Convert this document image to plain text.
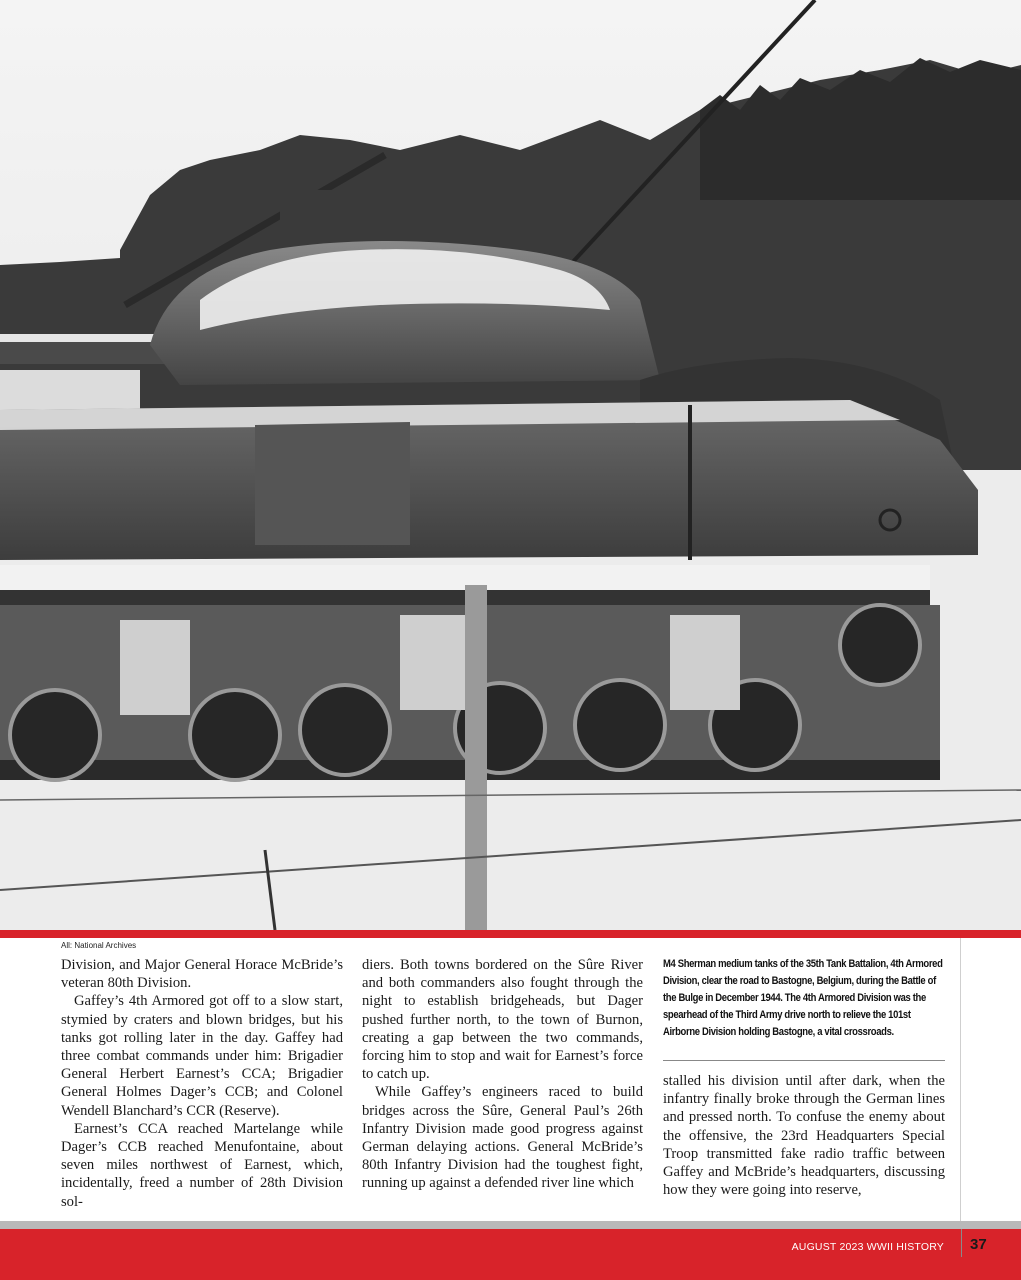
All: National Archives

Division, and Major General Horace McBride’s veteran 80th Division.

Gaffey’s 4th Armored got off to a slow start, stymied by craters and blown bridges, but his tanks got rolling later in the day. Gaffey had three combat commands under him: Brigadier General Herbert Earnest’s CCA; Brigadier General Holmes Dager’s CCB; and Colonel Wendell Blanchard’s CCR (Reserve).

Earnest’s CCA reached Martelange while Dager’s CCB reached Menufontaine, about seven miles northwest of Earnest, which, incidentally, freed a number of 28th Division sol-

diers. Both towns bordered on the Sûre River and both commanders also fought through the night to establish bridgeheads, but Dager pushed further north, to the town of Burnon, creating a gap between the two commands, forcing him to stop and wait for Earnest’s force to catch up.

While Gaffey’s engineers raced to build bridges across the Sûre, General Paul’s 26th Infantry Division made good progress against German delaying actions. General McBride’s 80th Infantry Division had the toughest fight, running up against a defended river line which

M4 Sherman medium tanks of the 35th Tank Battalion, 4th Armored Division, clear the road to Bastogne, Belgium, during the Battle of the Bulge in December 1944. The 4th Armored Division was the spearhead of the Third Army drive north to relieve the 101st Airborne Division holding Bastogne, a vital crossroads.

stalled his division until after dark, when the infantry finally broke through the German lines and pressed north. To confuse the enemy about the offensive, the 23rd Headquarters Special Troop transmitted fake radio traffic between Gaffey and McBride’s headquarters, discussing how they were going into reserve,

AUGUST 2023 WWII HISTORY 37
